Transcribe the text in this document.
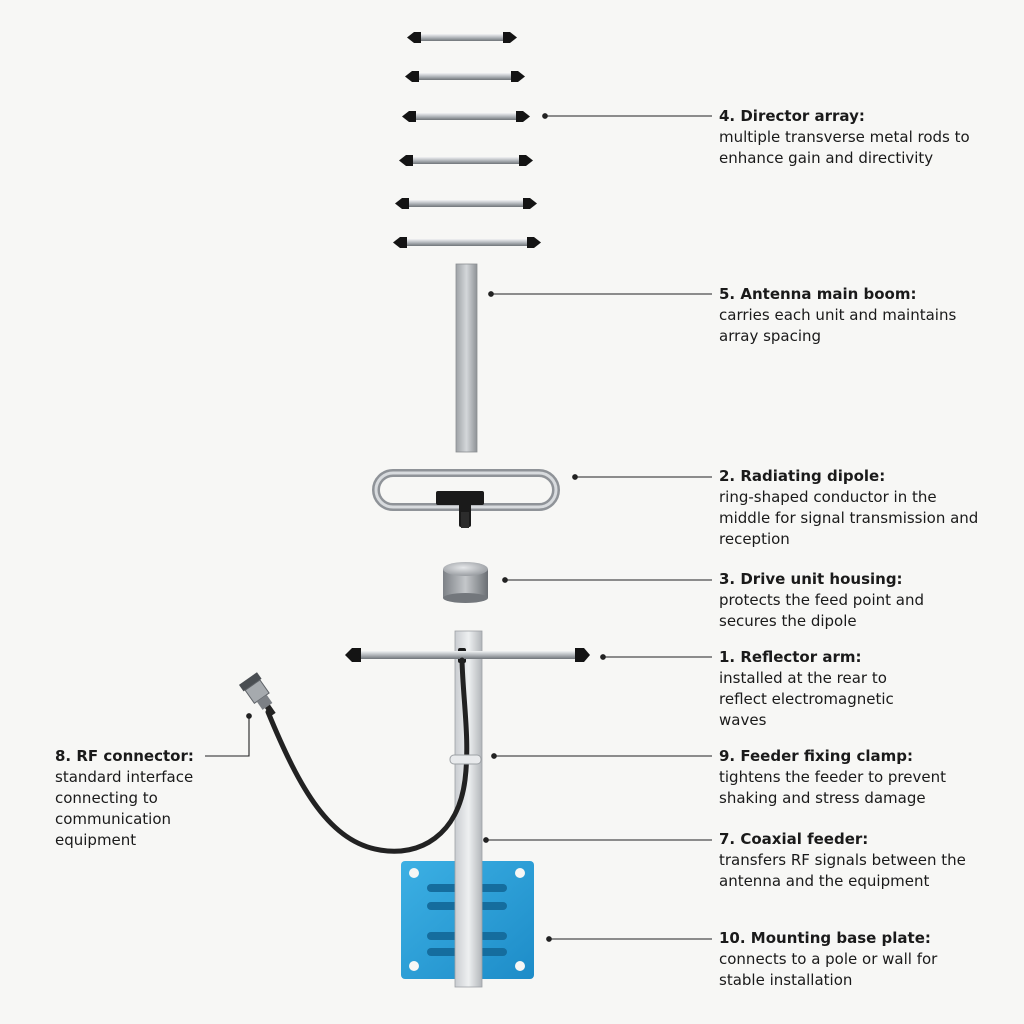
4. Director array:
multiple transverse metal rods to enhance gain and directivity
5. Antenna main boom:
carries each unit and maintains array spacing
2. Radiating dipole:
ring-shaped conductor in the middle for signal transmission and reception
3. Drive unit housing:
protects the feed point and secures the dipole
1. Reflector arm:
installed at the rear to reflect electromagnetic waves
9. Feeder fixing clamp:
tightens the feeder to prevent shaking and stress damage
7. Coaxial feeder:
transfers RF signals between the antenna and the equipment
10. Mounting base plate:
connects to a pole or wall for stable installation
8. RF connector:
standard interface connecting to communication equipment
